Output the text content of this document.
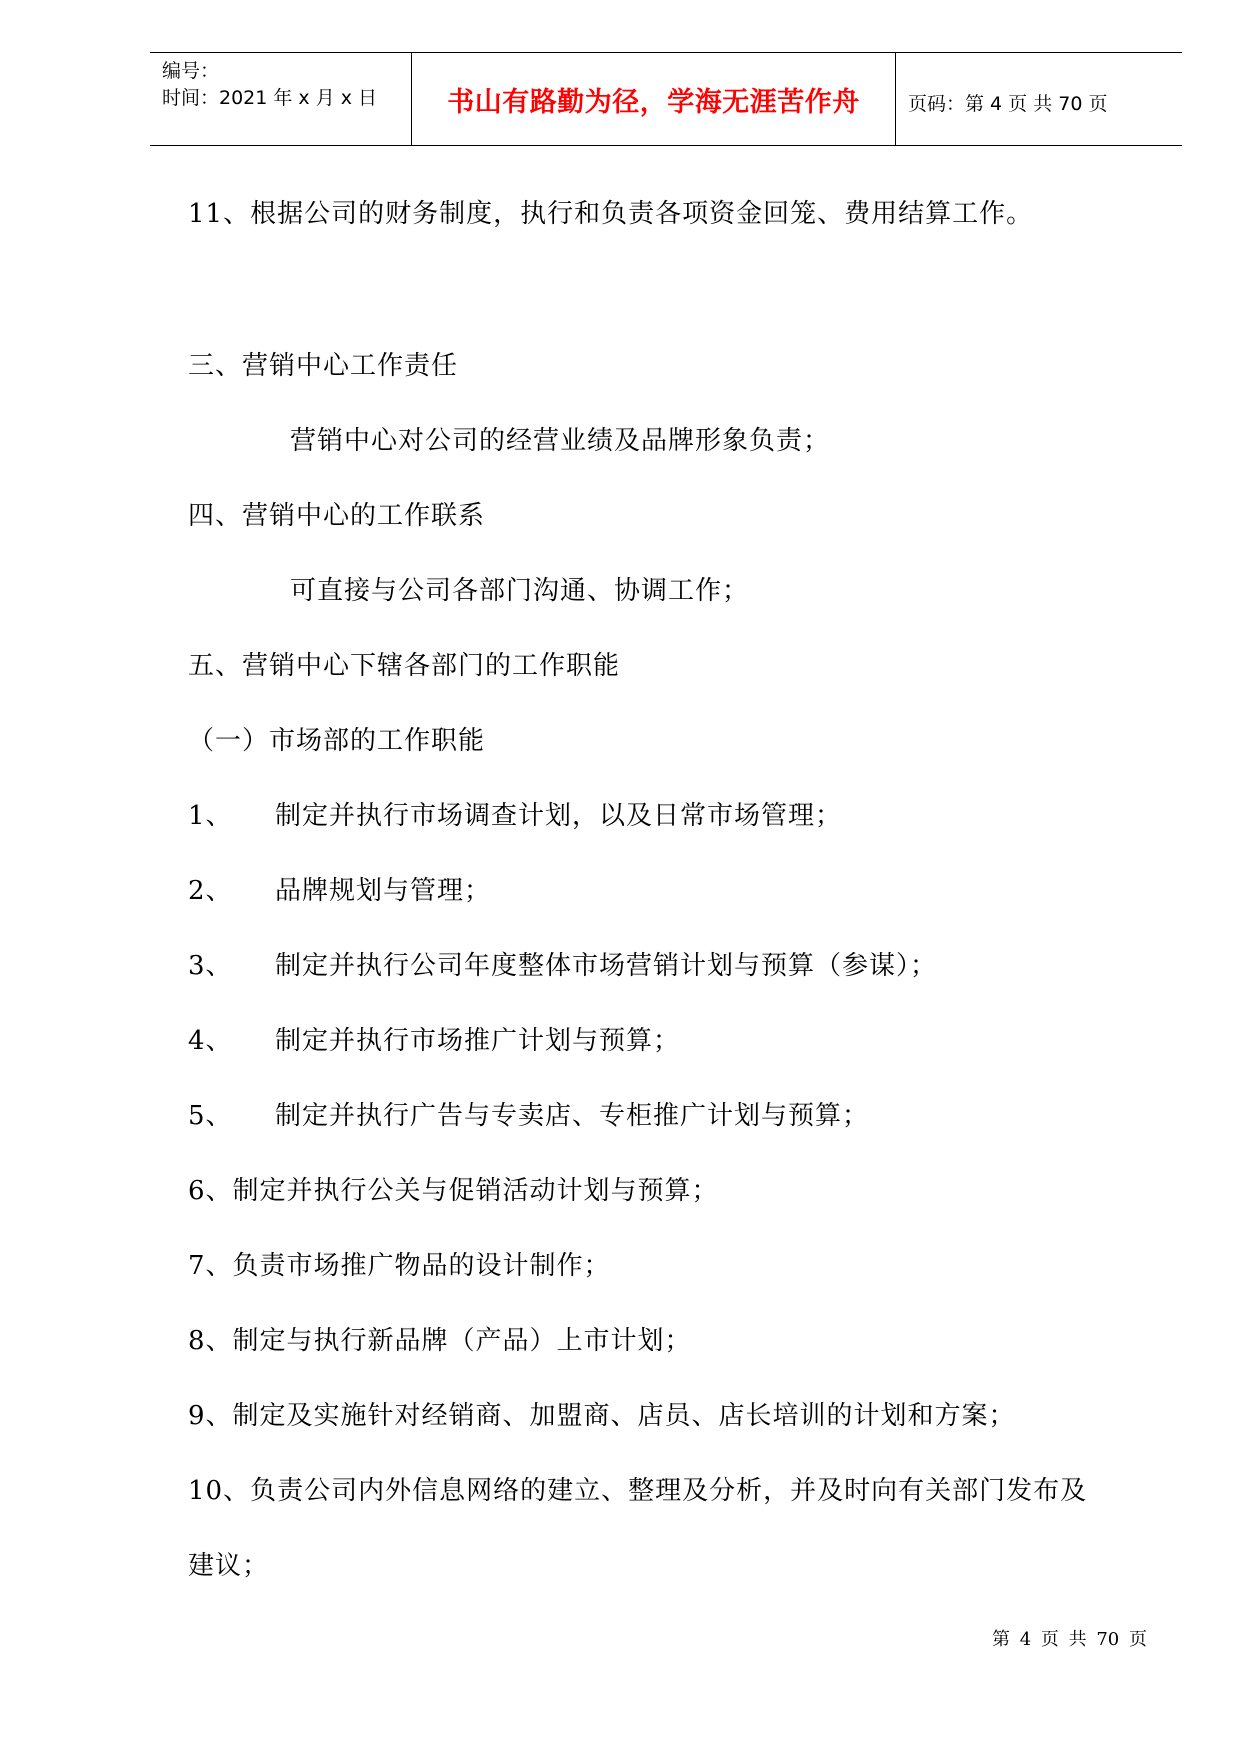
编号：
时间：2021 年 x 月 x 日	书山有路勤为径，学海无涯苦作舟	页码：第 4 页 共 70 页
11、根据公司的财务制度，执行和负责各项资金回笼、费用结算工作。
三、营销中心工作责任
营销中心对公司的经营业绩及品牌形象负责；
四、营销中心的工作联系
可直接与公司各部门沟通、协调工作；
五、营销中心下辖各部门的工作职能
（一）市场部的工作职能
1、 制定并执行市场调查计划，以及日常市场管理；
2、 品牌规划与管理；
3、 制定并执行公司年度整体市场营销计划与预算（参谋）；
4、 制定并执行市场推广计划与预算；
5、 制定并执行广告与专卖店、专柜推广计划与预算；
6、制定并执行公关与促销活动计划与预算；
7、负责市场推广物品的设计制作；
8、制定与执行新品牌（产品）上市计划；
9、制定及实施针对经销商、加盟商、店员、店长培训的计划和方案；
10、负责公司内外信息网络的建立、整理及分析，并及时向有关部门发布及
建议；
第 4 页 共 70 页
